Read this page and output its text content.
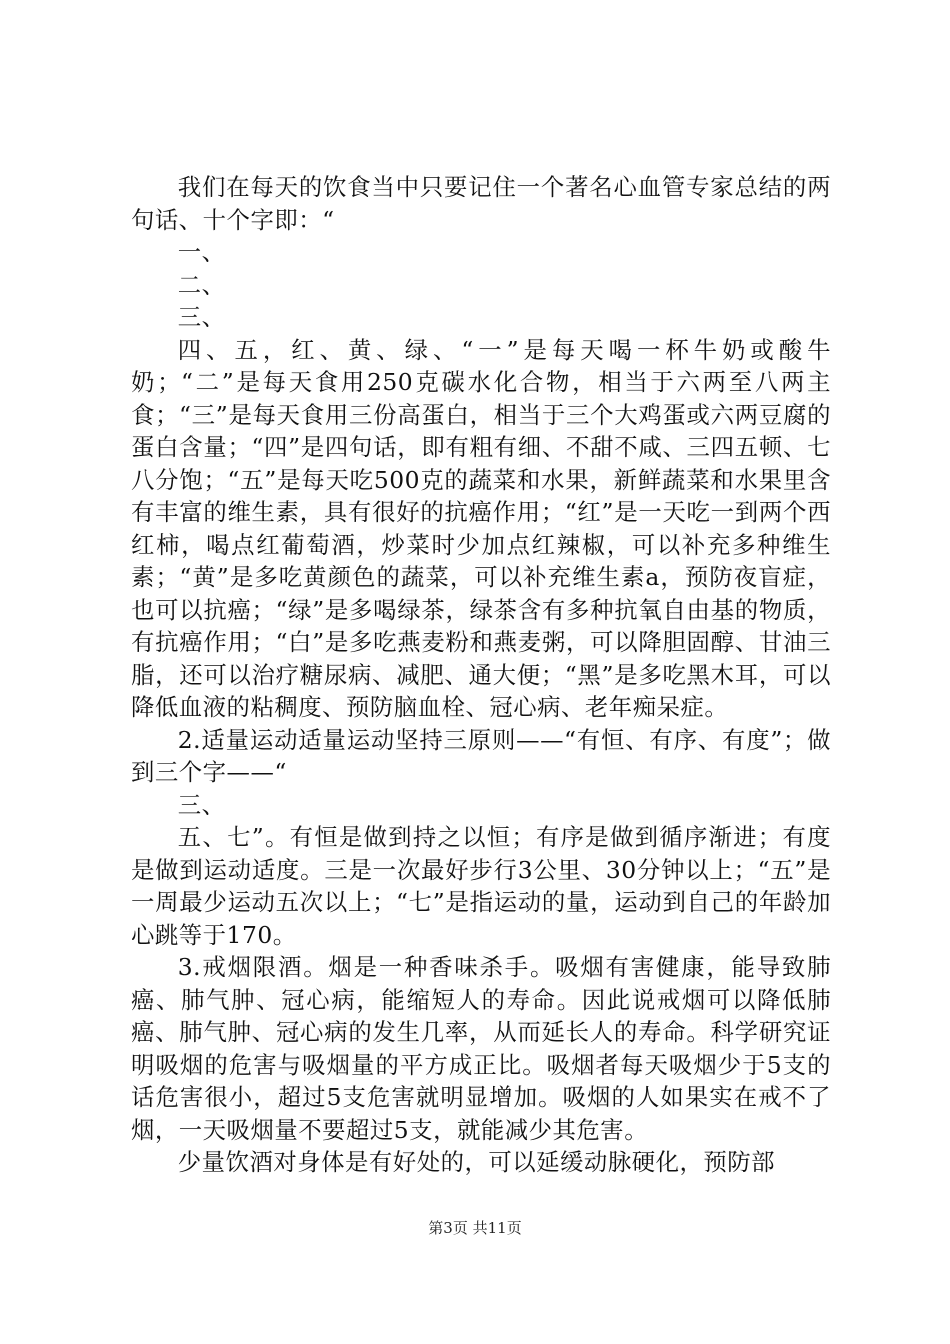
我们在每天的饮食当中只要记住一个著名心血管专家总结的两句话、十个字即：“

一、

二、

三、

四、五，红、黄、绿、“一”是每天喝一杯牛奶或酸牛奶；“二”是每天食用250克碳水化合物，相当于六两至八两主食；“三”是每天食用三份高蛋白，相当于三个大鸡蛋或六两豆腐的蛋白含量；“四”是四句话，即有粗有细、不甜不咸、三四五顿、七八分饱；“五”是每天吃500克的蔬菜和水果，新鲜蔬菜和水果里含有丰富的维生素，具有很好的抗癌作用；“红”是一天吃一到两个西红柿，喝点红葡萄酒，炒菜时少加点红辣椒，可以补充多种维生素；“黄”是多吃黄颜色的蔬菜，可以补充维生素a，预防夜盲症，也可以抗癌；“绿”是多喝绿茶，绿茶含有多种抗氧自由基的物质，有抗癌作用；“白”是多吃燕麦粉和燕麦粥，可以降胆固醇、甘油三脂，还可以治疗糖尿病、减肥、通大便；“黑”是多吃黑木耳，可以降低血液的粘稠度、预防脑血栓、冠心病、老年痴呆症。

2.适量运动适量运动坚持三原则——“有恒、有序、有度”；做到三个字——“

三、

五、七”。有恒是做到持之以恒；有序是做到循序渐进；有度是做到运动适度。三是一次最好步行3公里、30分钟以上；“五”是一周最少运动五次以上；“七”是指运动的量，运动到自己的年龄加心跳等于170。

3.戒烟限酒。烟是一种香味杀手。吸烟有害健康，能导致肺癌、肺气肿、冠心病，能缩短人的寿命。因此说戒烟可以降低肺癌、肺气肿、冠心病的发生几率，从而延长人的寿命。科学研究证明吸烟的危害与吸烟量的平方成正比。吸烟者每天吸烟少于5支的话危害很小，超过5支危害就明显增加。吸烟的人如果实在戒不了烟，一天吸烟量不要超过5支，就能减少其危害。

少量饮酒对身体是有好处的，可以延缓动脉硬化，预防部

第3页 共11页
